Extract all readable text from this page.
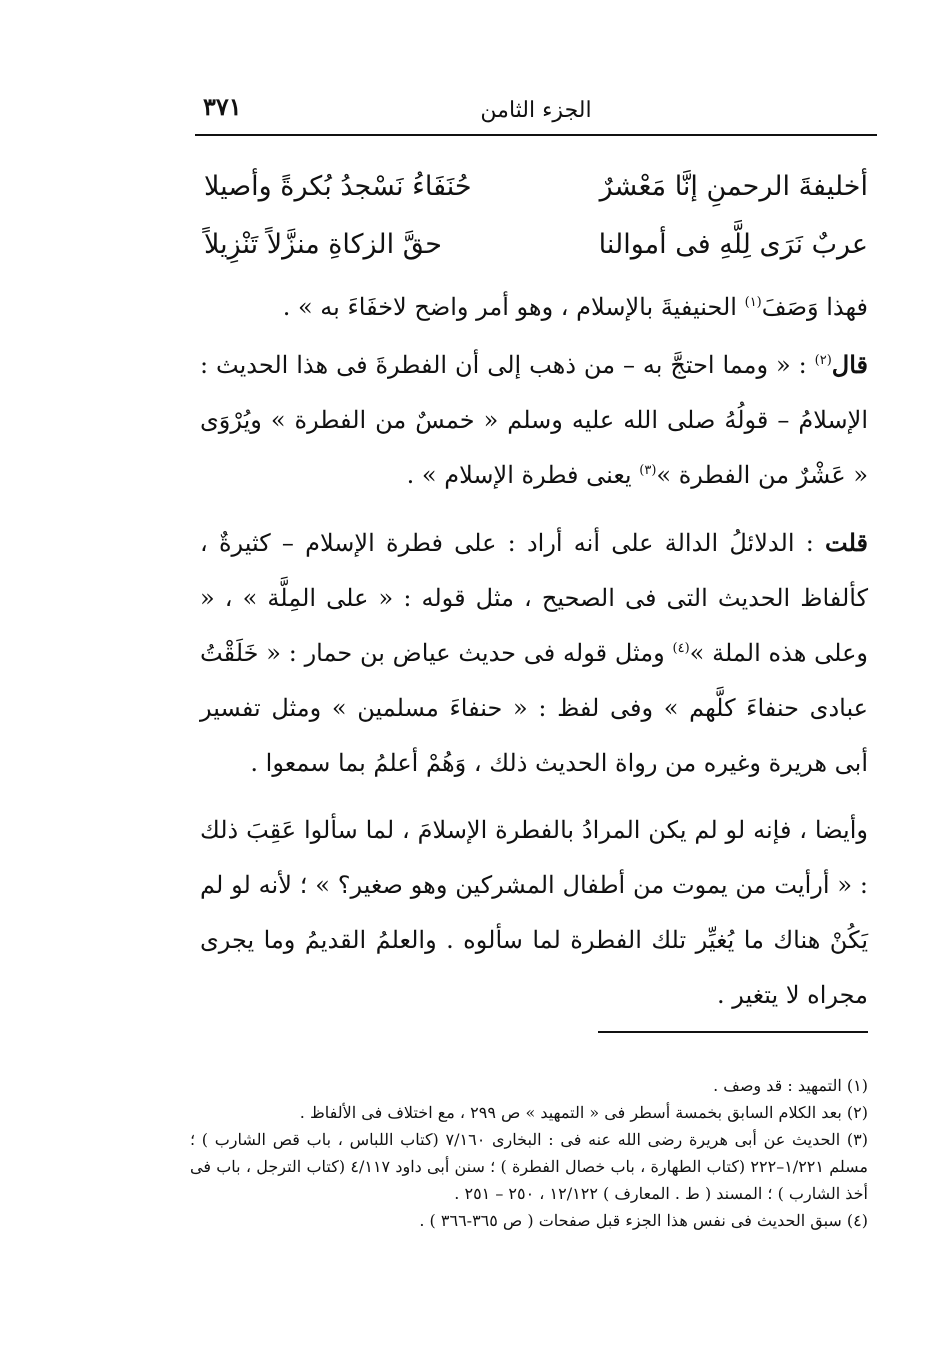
٣٧١	الجزء الثامن
أخليفةَ الرحمنِ إنَّا مَعْشرٌ
حُنَفَاءُ نَسْجدُ بُكرةً وأصيلا
عربٌ نَرَى لِلَّهِ فى أموالنا
حقَّ الزكاةِ منزَّلاً تَنْزِيلاً

فهذا وَصَفَ$^{(١)}$ الحنيفيةَ بالإسلام ، وهو أمر واضح لاخفَاءَ به » .

قال$^{(٢)}$ : « ومما احتجَّ به – من ذهب إلى أن الفطرةَ فى هذا الحديث : الإسلامُ – قولُهُ صلى الله عليه وسلم « خمسٌ من الفطرة » ويُرْوَى « عَشْرٌ من الفطرة »$^{(٣)}$ يعنى فطرة الإسلام » .

قلت : الدلائلُ الدالة على أنه أراد : على فطرة الإسلام – كثيرةٌ ، كألفاظ الحديث التى فى الصحيح ، مثل قوله : « على المِلَّة » ، « وعلى هذه الملة »$^{(٤)}$ ومثل قوله فى حديث عياض بن حمار : « خَلَقْتُ عبادى حنفاءَ كلَّهم » وفى لفظ : « حنفاءَ مسلمين » ومثل تفسير أبى هريرة وغيره من رواة الحديث ذلك ، وَهُمْ أعلمُ بما سمعوا .

وأيضا ، فإنه لو لم يكن المرادُ بالفطرة الإسلامَ ، لما سألوا عَقِبَ ذلك : « أرأيت من يموت من أطفال المشركين وهو صغير؟ » ؛ لأنه لو لم يَكُنْ هناك ما يُغيِّر تلك الفطرة لما سألوه . والعلمُ القديمُ وما يجرى مجراه لا يتغير .

(١) التمهيد : قد وصف .

(٢) بعد الكلام السابق بخمسة أسطر فى « التمهيد » ص ٢٩٩ ، مع اختلاف فى الألفاظ .

(٣) الحديث عن أبى هريرة رضى الله عنه فى : البخارى ٧/١٦٠ (كتاب اللباس ، باب قص الشارب ) ؛ مسلم ١/٢٢١–٢٢٢ (كتاب الطهارة ، باب خصال الفطرة ) ؛ سنن أبى داود ٤/١١٧ (كتاب الترجل ، باب فى أخذ الشارب ) ؛ المسند ( ط . المعارف ) ١٢/١٢٢ ، ٢٥٠ – ٢٥١ .

(٤) سبق الحديث فى نفس هذا الجزء قبل صفحات ( ص ٣٦٥-٣٦٦ ) .
